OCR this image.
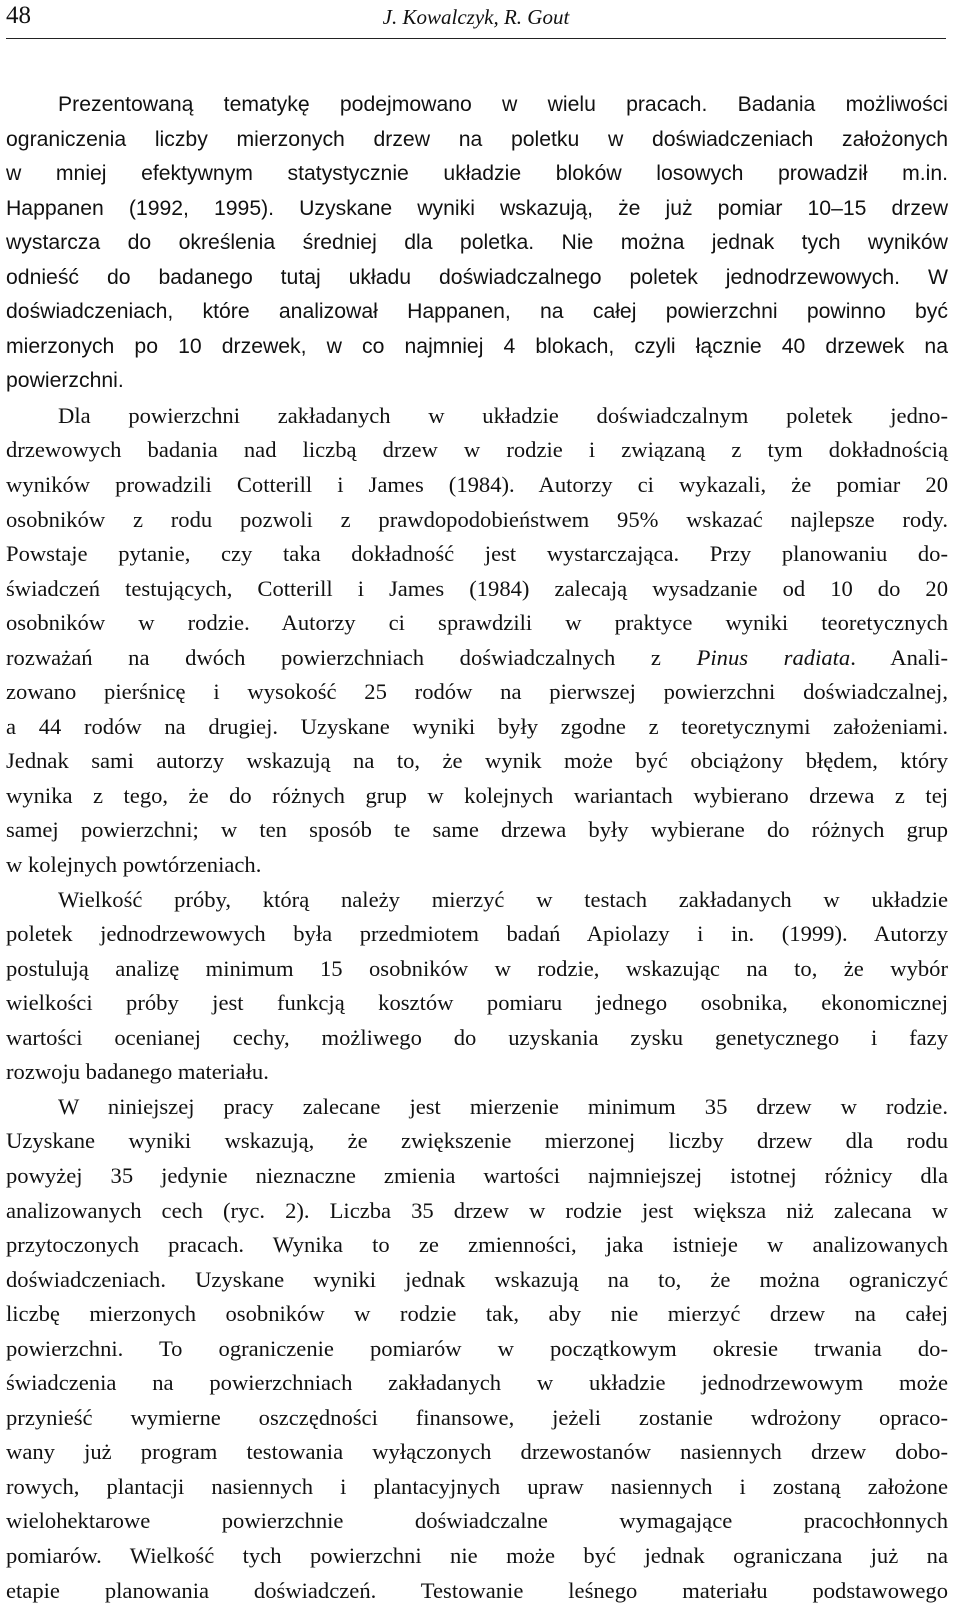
48	J. Kowalczyk, R. Gout
Prezentowaną tematykę podejmowano w wielu pracach. Badania możliwości
ograniczenia liczby mierzonych drzew na poletku w doświadczeniach założonych
w mniej efektywnym statystycznie układzie bloków losowych prowadził m.in.
Happanen (1992, 1995). Uzyskane wyniki wskazują, że już pomiar 10–15 drzew
wystarcza do określenia średniej dla poletka. Nie można jednak tych wyników
odnieść do badanego tutaj układu doświadczalnego poletek jednodrzewowych. W
doświadczeniach, które analizował Happanen, na całej powierzchni powinno być
mierzonych po 10 drzewek, w co najmniej 4 blokach, czyli łącznie 40 drzewek na
powierzchni.
Dla powierzchni zakładanych w układzie doświadczalnym poletek jedno-
drzewowych badania nad liczbą drzew w rodzie i związaną z tym dokładnością
wyników prowadzili Cotterill i James (1984). Autorzy ci wykazali, że pomiar 20
osobników z rodu pozwoli z prawdopodobieństwem 95% wskazać najlepsze rody.
Powstaje pytanie, czy taka dokładność jest wystarczająca. Przy planowaniu do-
świadczeń testujących, Cotterill i James (1984) zalecają wysadzanie od 10 do 20
osobników w rodzie. Autorzy ci sprawdzili w praktyce wyniki teoretycznych
rozważań na dwóch powierzchniach doświadczalnych z Pinus radiata. Anali-
zowano pierśnicę i wysokość 25 rodów na pierwszej powierzchni doświadczalnej,
a 44 rodów na drugiej. Uzyskane wyniki były zgodne z teoretycznymi założeniami.
Jednak sami autorzy wskazują na to, że wynik może być obciążony błędem, który
wynika z tego, że do różnych grup w kolejnych wariantach wybierano drzewa z tej
samej powierzchni; w ten sposób te same drzewa były wybierane do różnych grup
w kolejnych powtórzeniach.
Wielkość próby, którą należy mierzyć w testach zakładanych w układzie
poletek jednodrzewowych była przedmiotem badań Apiolazy i in. (1999). Autorzy
postulują analizę minimum 15 osobników w rodzie, wskazując na to, że wybór
wielkości próby jest funkcją kosztów pomiaru jednego osobnika, ekonomicznej
wartości ocenianej cechy, możliwego do uzyskania zysku genetycznego i fazy
rozwoju badanego materiału.
W niniejszej pracy zalecane jest mierzenie minimum 35 drzew w rodzie.
Uzyskane wyniki wskazują, że zwiększenie mierzonej liczby drzew dla rodu
powyżej 35 jedynie nieznaczne zmienia wartości najmniejszej istotnej różnicy dla
analizowanych cech (ryc. 2). Liczba 35 drzew w rodzie jest większa niż zalecana w
przytoczonych pracach. Wynika to ze zmienności, jaka istnieje w analizowanych
doświadczeniach. Uzyskane wyniki jednak wskazują na to, że można ograniczyć
liczbę mierzonych osobników w rodzie tak, aby nie mierzyć drzew na całej
powierzchni. To ograniczenie pomiarów w początkowym okresie trwania do-
świadczenia na powierzchniach zakładanych w układzie jednodrzewowym może
przynieść wymierne oszczędności finansowe, jeżeli zostanie wdrożony opraco-
wany już program testowania wyłączonych drzewostanów nasiennych drzew dobo-
rowych, plantacji nasiennych i plantacyjnych upraw nasiennych i zostaną założone
wielohektarowe powierzchnie doświadczalne wymagające pracochłonnych
pomiarów. Wielkość tych powierzchni nie może być jednak ograniczana już na
etapie planowania doświadczeń. Testowanie leśnego materiału podstawowego
